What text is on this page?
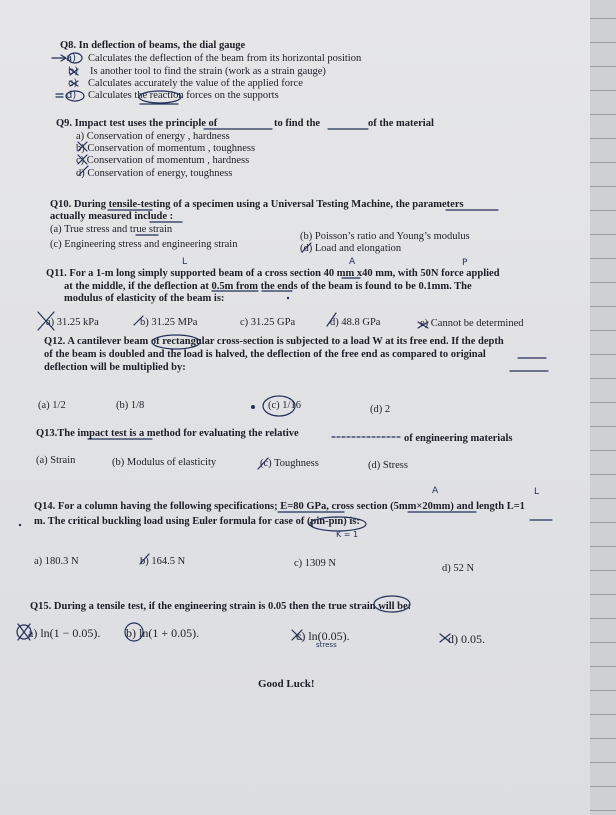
Q8. In deflection of beams, the dial gauge
a) Calculates the deflection of the beam from its horizontal position
b) Is another tool to find the strain (work as a strain gauge)
c) Calculates accurately the value of the applied force
d) Calculates the reaction forces on the supports
Q9. Impact test uses the principle of	to find the	of the material
a) Conservation of energy , hardness
b) Conservation of momentum , toughness
c) Conservation of momentum , hardness
d) Conservation of energy, toughness
Q10. During tensile-testing of a specimen using a Universal Testing Machine, the parameters
actually measured include :
(a) True stress and true strain
(b) Poisson’s ratio and Young’s modulus
(c) Engineering stress and engineering strain	(d) Load and elongation
Q11. For a 1-m long simply supported beam of a cross section 40 mm x40 mm, with 50N force applied
at the middle, if the deflection at 0.5m from the ends of the beam is found to be 0.1mm. The
modulus of elasticity of the beam is:
a) 31.25 kPa	b) 31.25 MPa	c) 31.25 GPa	d) 48.8 GPa	e) Cannot be determined
Q12. A cantilever beam of rectangular cross-section is subjected to a load W at its free end. If the depth
of the beam is doubled and the load is halved, the deflection of the free end as compared to original
deflection will be multiplied by:
(a) 1/2	(b) 1/8	(c) 1/16	(d) 2
Q13.The impact test is a method for evaluating the relative	of engineering materials
(a) Strain	(b) Modulus of elasticity	(c) Toughness	(d) Stress
Q14. For a column having the following specifications; E=80 GPa, cross section (5mm×20mm) and length L=1
m. The critical buckling load using Euler formula for case of (pin-pin) is:
a) 180.3 N	b) 164.5 N	c) 1309 N	d) 52 N
Q15. During a tensile test, if the engineering strain is 0.05 then the true strain will be:
a) ln(1 − 0.05). b) ln(1 + 0.05).	c) ln(0.05).	d) 0.05.
Good Luck!
L	A	P
A	L
K = 1
stress
